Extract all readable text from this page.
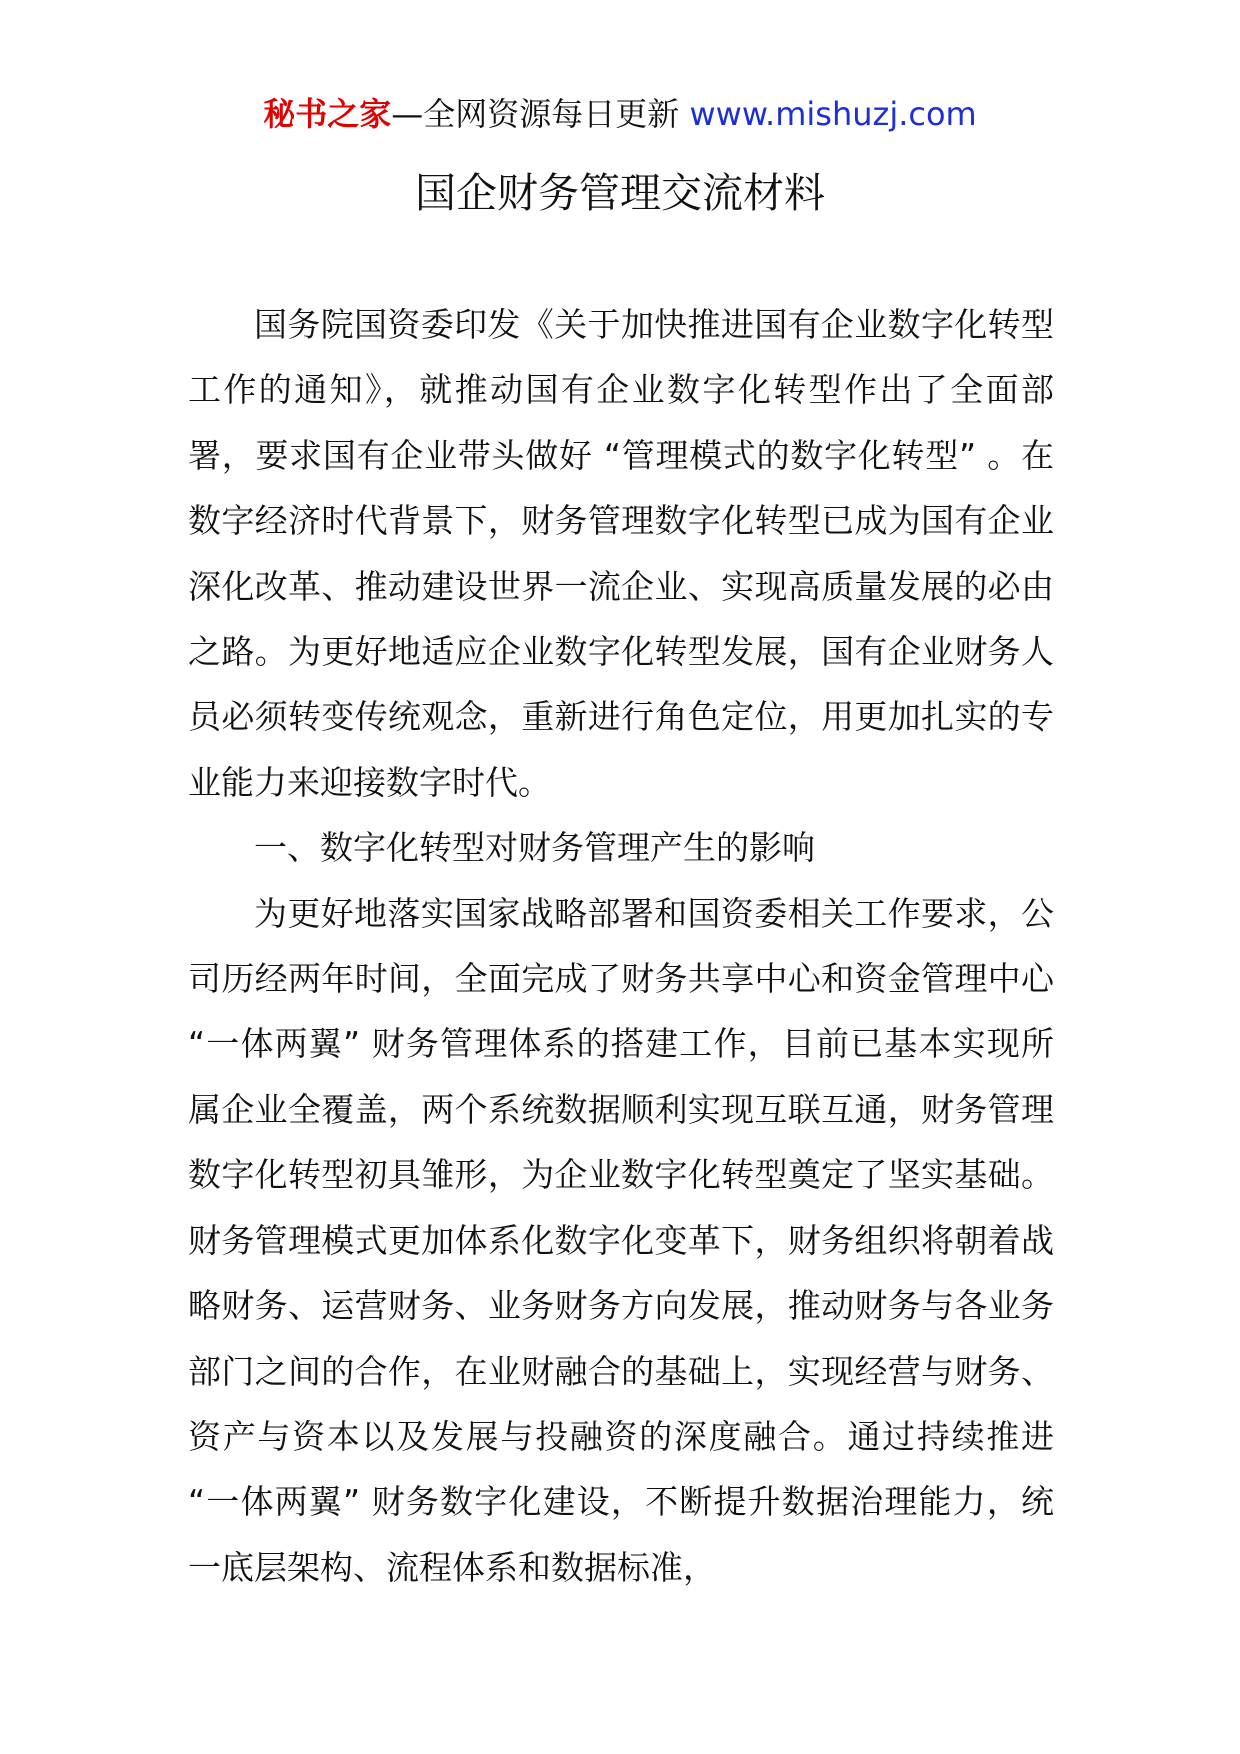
秘书之家—全网资源每日更新 www.mishuzj.com
国企财务管理交流材料

国务院国资委印发《关于加快推进国有企业数字化转型工作的通知》，就推动国有企业数字化转型作出了全面部署，要求国有企业带头做好 “管理模式的数字化转型” 。在数字经济时代背景下，财务管理数字化转型已成为国有企业深化改革、推动建设世界一流企业、实现高质量发展的必由之路。为更好地适应企业数字化转型发展，国有企业财务人员必须转变传统观念，重新进行角色定位，用更加扎实的专业能力来迎接数字时代。

一、数字化转型对财务管理产生的影响

为更好地落实国家战略部署和国资委相关工作要求，公司历经两年时间，全面完成了财务共享中心和资金管理中心 “一体两翼” 财务管理体系的搭建工作，目前已基本实现所属企业全覆盖，两个系统数据顺利实现互联互通，财务管理数字化转型初具雏形，为企业数字化转型奠定了坚实基础。财务管理模式更加体系化数字化变革下，财务组织将朝着战略财务、运营财务、业务财务方向发展，推动财务与各业务部门之间的合作，在业财融合的基础上，实现经营与财务、资产与资本以及发展与投融资的深度融合。通过持续推进 “一体两翼” 财务数字化建设，不断提升数据治理能力，统一底层架构、流程体系和数据标准，
